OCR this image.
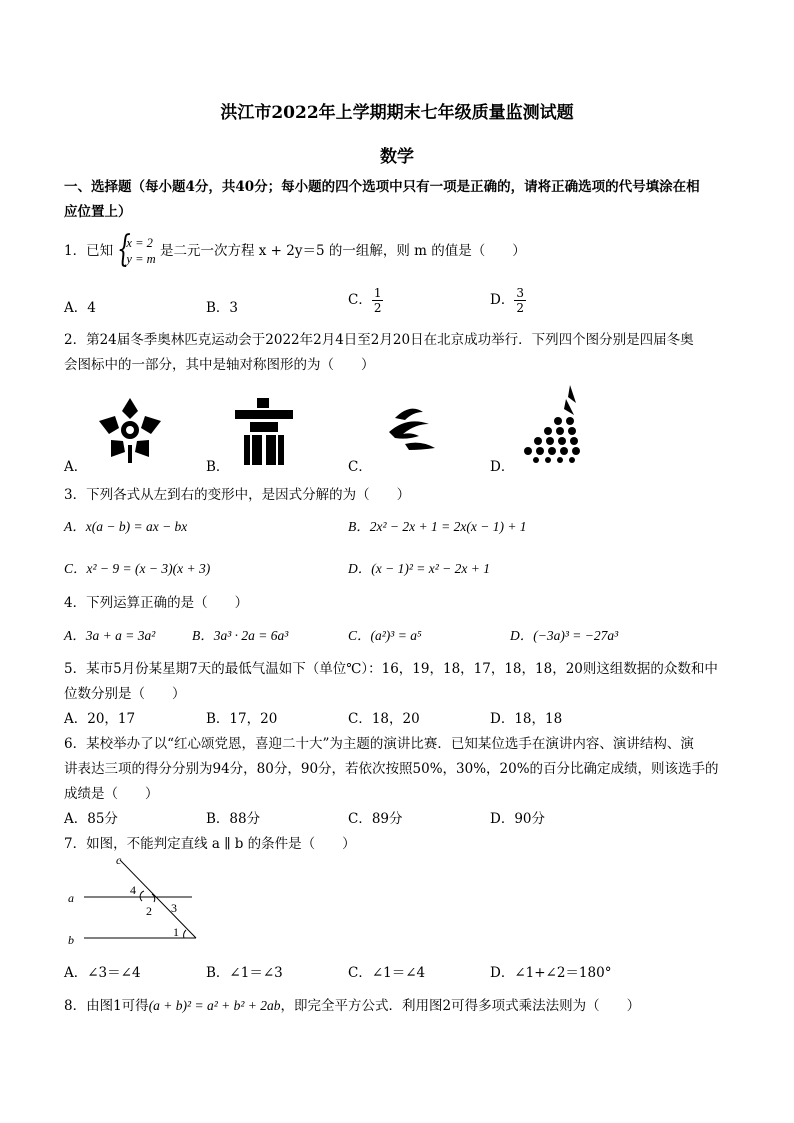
洪江市2022年上学期期末七年级质量监测试题
数学
一、选择题（每小题4分，共40分；每小题的四个选项中只有一项是正确的，请将正确选项的代号填涂在相
应位置上）
1．已知 {
x = 2
y = m 是二元一次方程 x + 2y＝5 的一组解，则 m 的值是（　　）
A．4	B．3	C． $\frac{1}{2}$	D． $\frac{3}{2}$
2．第24届冬季奥林匹克运动会于2022年2月4日至2月20日在北京成功举行．下列四个图分别是四届冬奥
会图标中的一部分，其中是轴对称图形的为（　　）
A．	B．	C．	D．
3．下列各式从左到右的变形中，是因式分解的为（　　）
A．x(a − b) = ax − bx	B．2x² − 2x + 1 = 2x(x − 1) + 1
C．x² − 9 = (x − 3)(x + 3)	D．(x − 1)² = x² − 2x + 1
4．下列运算正确的是（　　）
A．3a + a = 3a²	B．3a³ · 2a = 6a³	C．(a²)³ = a⁵	D．(−3a)³ = −27a³
5．某市5月份某星期7天的最低气温如下（单位℃）：16，19，18，17，18，18，20则这组数据的众数和中
位数分别是（　　）
A．20，17	B．17，20	C．18，20	D．18，18
6．某校举办了以“红心颂党恩，喜迎二十大”为主题的演讲比赛．已知某位选手在演讲内容、演讲结构、演
讲表达三项的得分分别为94分，80分，90分，若依次按照50%，30%，20%的百分比确定成绩，则该选手的
成绩是（　　）
A．85分	B．88分	C．89分	D．90分
7．如图，不能判定直线 a ∥ b 的条件是（　　）
c
a
b
4
2 3
1
A．∠3＝∠4	B．∠1＝∠3	C．∠1＝∠4	D．∠1+∠2＝180°
8．由图1可得(a + b)² = a² + b² + 2ab，即完全平方公式．利用图2可得多项式乘法法则为（　　）
